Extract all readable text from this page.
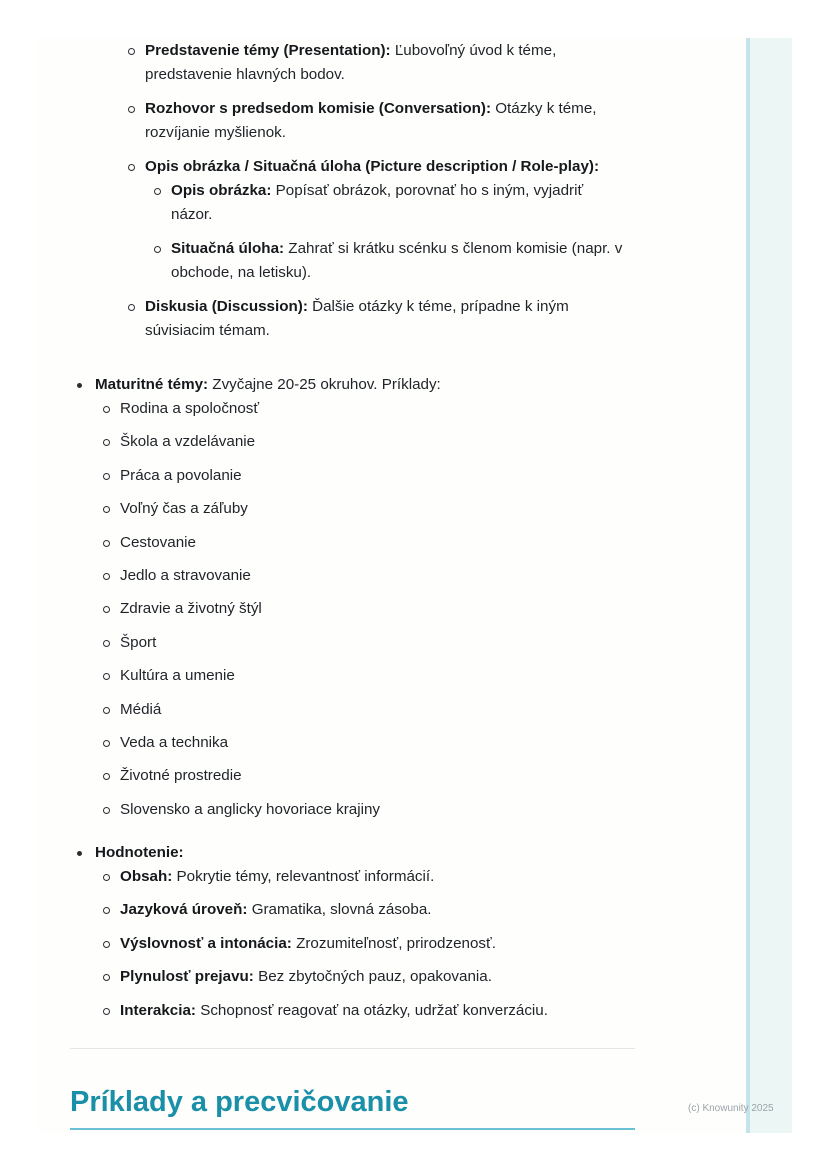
Predstavenie témy (Presentation): Ľubovoľný úvod k téme, predstavenie hlavných bodov.
Rozhovor s predsedom komisie (Conversation): Otázky k téme, rozvíjanie myšlienok.
Opis obrázka / Situačná úloha (Picture description / Role-play):
Opis obrázka: Popísať obrázok, porovnať ho s iným, vyjadriť názor.
Situačná úloha: Zahrať si krátku scénku s členom komisie (napr. v obchode, na letisku).
Diskusia (Discussion): Ďalšie otázky k téme, prípadne k iným súvisiacim témam.
Maturitné témy: Zvyčajne 20-25 okruhov. Príklady:
Rodina a spoločnosť
Škola a vzdelávanie
Práca a povolanie
Voľný čas a záľuby
Cestovanie
Jedlo a stravovanie
Zdravie a životný štýl
Šport
Kultúra a umenie
Médiá
Veda a technika
Životné prostredie
Slovensko a anglicky hovoriace krajiny
Hodnotenie:
Obsah: Pokrytie témy, relevantnosť informácií.
Jazyková úroveň: Gramatika, slovná zásoba.
Výslovnosť a intonácia: Zrozumiteľnosť, prirodzenosť.
Plynulosť prejavu: Bez zbytočných pauz, opakovania.
Interakcia: Schopnosť reagovať na otázky, udržať konverzáciu.
Príklady a precvičovanie	(c) Knowunity 2025
